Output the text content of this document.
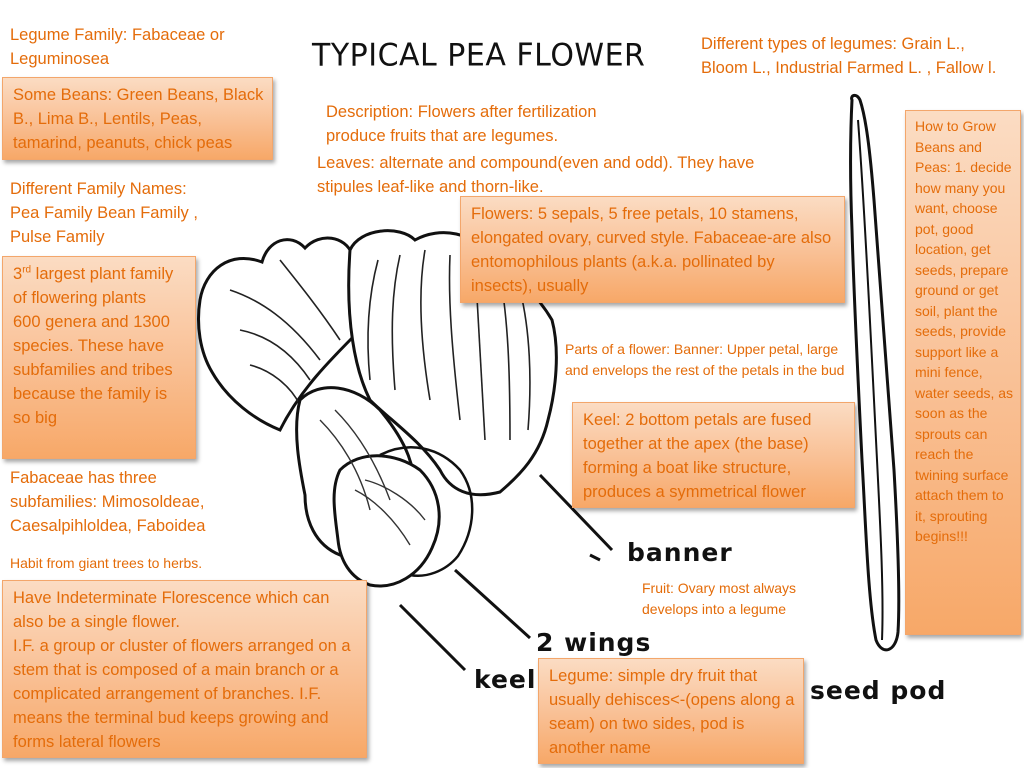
TYPICAL PEA FLOWER
banner
2 wings
keel	seed pod
Legume Family: Fabaceae or Leguminosea
Different Family Names:
Pea Family Bean Family ,
Pulse Family
Fabaceae has three subfamilies: Mimosoldeae, Caesalpihloldea, Faboidea
Habit from giant trees to herbs.
Different types of legumes: Grain L., Bloom L., Industrial Farmed L. , Fallow l.
Description: Flowers after fertilization produce fruits that are legumes.
Leaves: alternate and compound(even and odd). They have stipules leaf-like and thorn-like.
Parts of a flower: Banner: Upper petal, large and envelops the rest of the petals in the bud
Fruit: Ovary most always develops into a legume

Some Beans: Green Beans, Black B., Lima B., Lentils, Peas, tamarind, peanuts, chick peas

3rd largest plant family of flowering plants
600 genera and 1300 species. These have subfamilies and tribes because the family is so big

Have Indeterminate Florescence which can also be a single flower.
I.F. a group or cluster of flowers arranged on a stem that is composed of a main branch or a complicated arrangement of branches. I.F. means the terminal bud keeps growing and forms lateral flowers

Flowers: 5 sepals, 5 free petals, 10 stamens, elongated ovary, curved style. Fabaceae-are also entomophilous plants (a.k.a. pollinated by insects), usually

Keel: 2 bottom petals are fused together at the apex (the base) forming a boat like structure, produces a symmetrical flower

Legume: simple dry fruit that usually dehisces<-(opens along a seam) on two sides, pod is another name

How to Grow Beans and Peas: 1. decide how many you want, choose pot, good location, get seeds, prepare ground or get soil, plant the seeds, provide support like a mini fence, water seeds, as soon as the sprouts can reach the twining surface attach them to it, sprouting begins!!!
